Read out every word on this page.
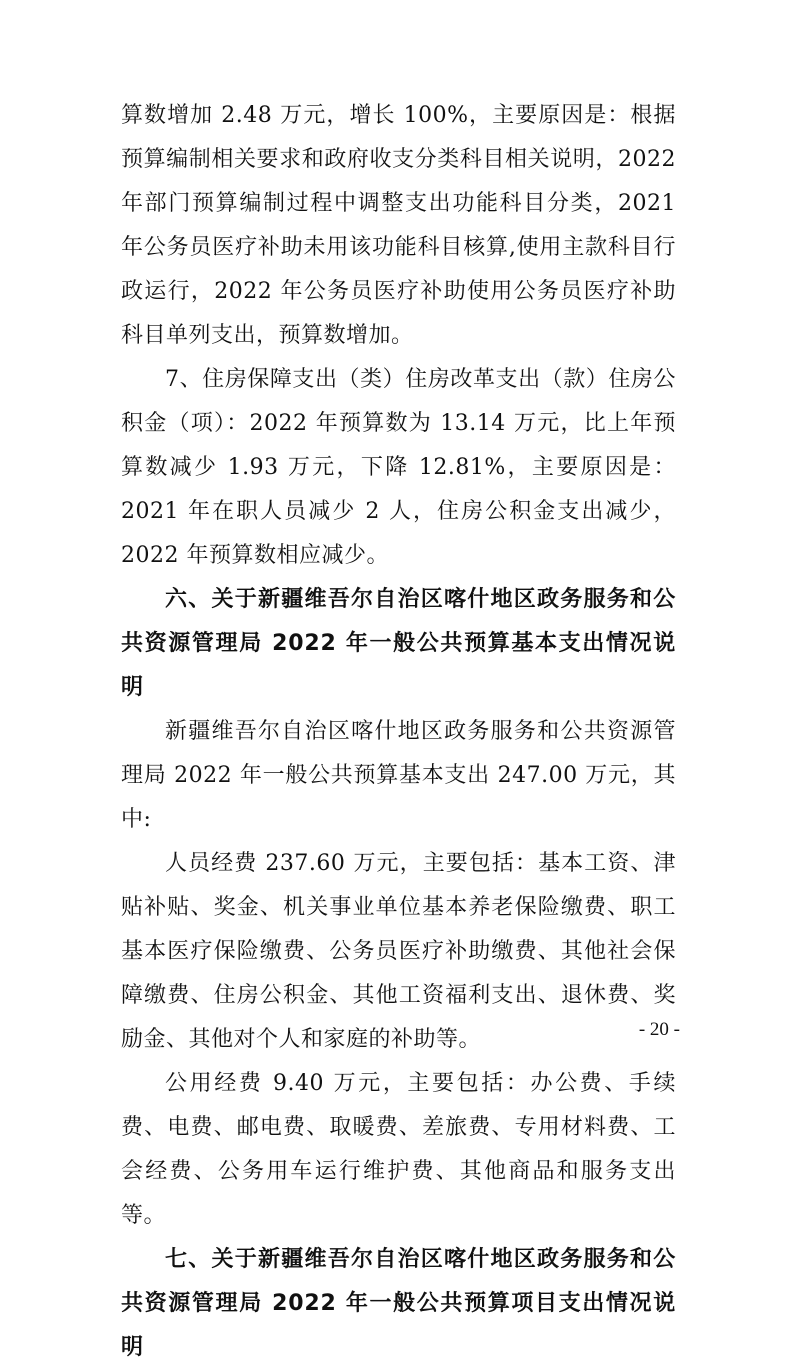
算数增加 2.48 万元，增长 100%，主要原因是：根据预算编制相关要求和政府收支分类科目相关说明，2022 年部门预算编制过程中调整支出功能科目分类，2021 年公务员医疗补助未用该功能科目核算,使用主款科目行政运行，2022 年公务员医疗补助使用公务员医疗补助科目单列支出，预算数增加。

7、住房保障支出（类）住房改革支出（款）住房公积金（项）：2022 年预算数为 13.14 万元，比上年预算数减少 1.93 万元，下降 12.81%，主要原因是：2021 年在职人员减少 2 人，住房公积金支出减少，2022 年预算数相应减少。

六、关于新疆维吾尔自治区喀什地区政务服务和公共资源管理局 2022 年一般公共预算基本支出情况说明

新疆维吾尔自治区喀什地区政务服务和公共资源管理局 2022 年一般公共预算基本支出 247.00 万元，其中:

人员经费 237.60 万元，主要包括：基本工资、津贴补贴、奖金、机关事业单位基本养老保险缴费、职工基本医疗保险缴费、公务员医疗补助缴费、其他社会保障缴费、住房公积金、其他工资福利支出、退休费、奖励金、其他对个人和家庭的补助等。

公用经费 9.40 万元，主要包括：办公费、手续费、电费、邮电费、取暖费、差旅费、专用材料费、工会经费、公务用车运行维护费、其他商品和服务支出等。

七、关于新疆维吾尔自治区喀什地区政务服务和公共资源管理局 2022 年一般公共预算项目支出情况说明

- 20 -
